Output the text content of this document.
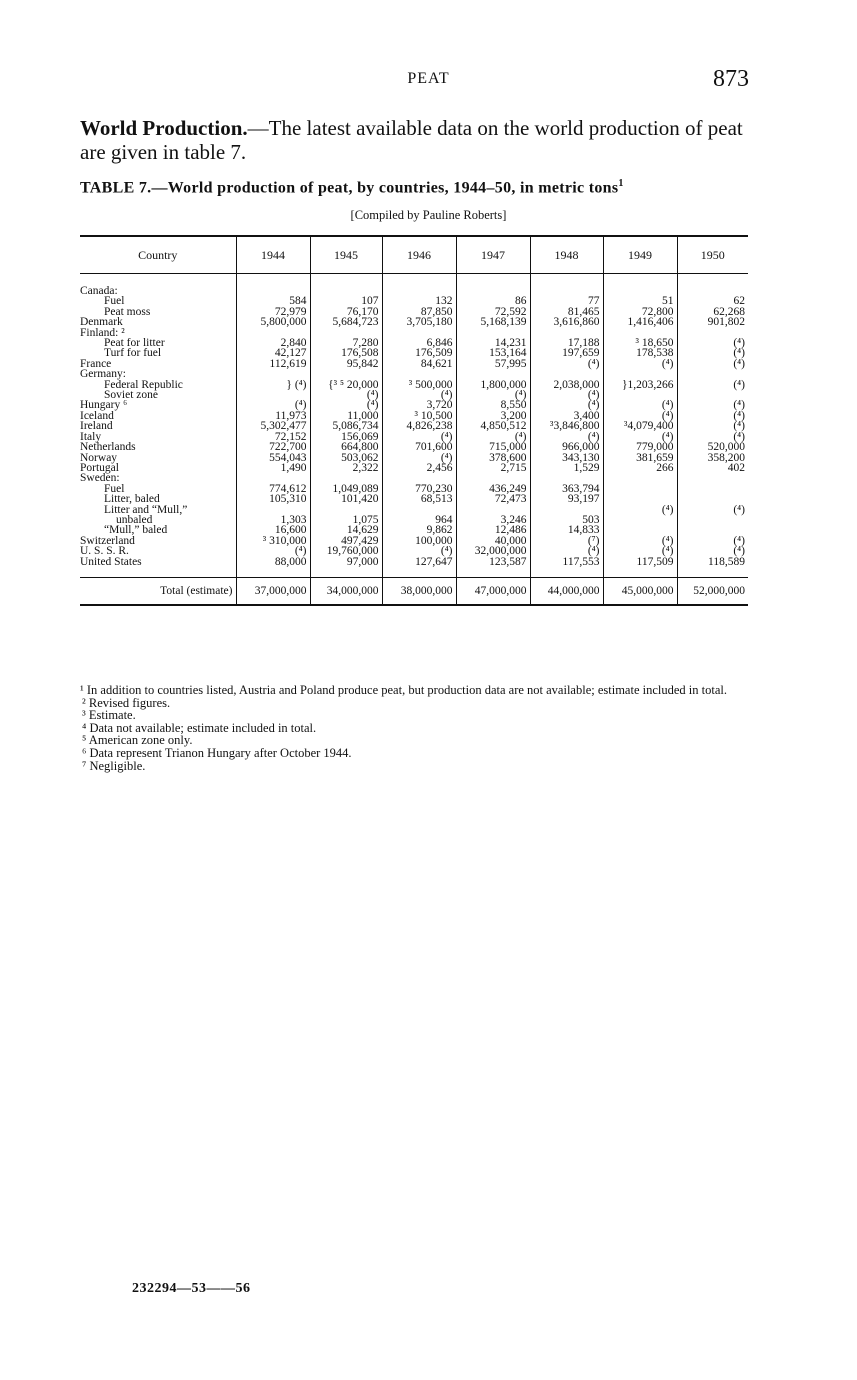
PEAT	873
World Production.—The latest available data on the world production of peat are given in table 7.
TABLE 7.—World production of peat, by countries, 1944–50, in metric tons$^1$
[Compiled by Pauline Roberts]
Country	1944	1945	1946	1947	1948	1949	1950

Canada:							
Fuel	584	107	132	86	77	51	62
Peat moss	72,979	76,170	87,850	72,592	81,465	72,800	62,268
Denmark	5,800,000	5,684,723	3,705,180	5,168,139	3,616,860	1,416,406	901,802
Finland: ²							
Peat for litter	2,840	7,280	6,846	14,231	17,188	³ 18,650	(⁴)
Turf for fuel	42,127	176,508	176,509	153,164	197,659	178,538	(⁴)
France	112,619	95,842	84,621	57,995	(⁴)	(⁴)	(⁴)
Germany:							
Federal Republic	} (⁴)	{³ ⁵ 20,000	³ 500,000	1,800,000	2,038,000	}1,203,266	(⁴)
Soviet zone		(⁴)	(⁴)	(⁴)	(⁴)		
Hungary ⁶	(⁴)	(⁴)	3,720	8,550	(⁴)	(⁴)	(⁴)
Iceland	11,973	11,000	³ 10,500	3,200	3,400	(⁴)	(⁴)
Ireland	5,302,477	5,086,734	4,826,238	4,850,512	³3,846,800	³4,079,400	(⁴)
Italy	72,152	156,069	(⁴)	(⁴)	(⁴)	(⁴)	(⁴)
Netherlands	722,700	664,800	701,600	715,000	966,000	779,000	520,000
Norway	554,043	503,062	(⁴)	378,600	343,130	381,659	358,200
Portugal	1,490	2,322	2,456	2,715	1,529	266	402
Sweden:							
Fuel	774,612	1,049,089	770,230	436,249	363,794		
Litter, baled	105,310	101,420	68,513	72,473	93,197		
Litter and “Mull,”						(⁴)	(⁴)
unbaled	1,303	1,075	964	3,246	503		
“Mull,” baled	16,600	14,629	9,862	12,486	14,833		
Switzerland	³ 310,000	497,429	100,000	40,000	(⁷)	(⁴)	(⁴)
U. S. S. R.	(⁴)	19,760,000	(⁴)	32,000,000	(⁴)	(⁴)	(⁴)
United States	88,000	97,000	127,647	123,587	117,553	117,509	118,589

Total (estimate)	37,000,000	34,000,000	38,000,000	47,000,000	44,000,000	45,000,000	52,000,000

¹ In addition to countries listed, Austria and Poland produce peat, but production data are not available; estimate included in total.

² Revised figures.

³ Estimate.

⁴ Data not available; estimate included in total.

⁵ American zone only.

⁶ Data represent Trianon Hungary after October 1944.

⁷ Negligible.

232294—53——56
